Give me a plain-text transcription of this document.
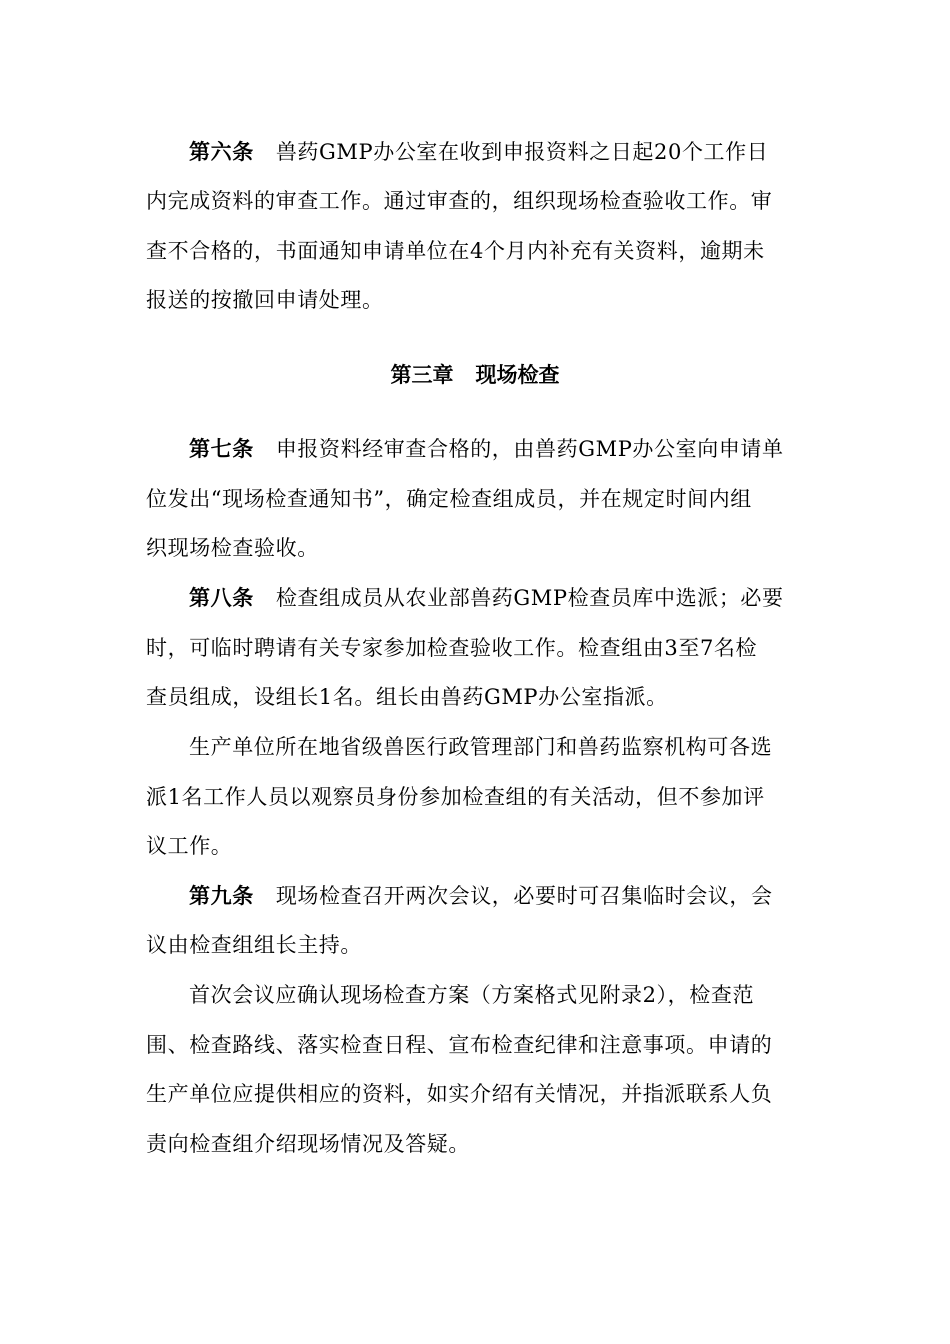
第六条 兽药GMP办公室在收到申报资料之日起20个工作日
内完成资料的审查工作。通过审查的，组织现场检查验收工作。审
查不合格的，书面通知申请单位在4个月内补充有关资料，逾期未
报送的按撤回申请处理。
第三章 现场检查
第七条 申报资料经审查合格的，由兽药GMP办公室向申请单
位发出“现场检查通知书”，确定检查组成员，并在规定时间内组
织现场检查验收。
第八条 检查组成员从农业部兽药GMP检查员库中选派；必要
时，可临时聘请有关专家参加检查验收工作。检查组由3至7名检
查员组成，设组长1名。组长由兽药GMP办公室指派。
生产单位所在地省级兽医行政管理部门和兽药监察机构可各选
派1名工作人员以观察员身份参加检查组的有关活动，但不参加评
议工作。
第九条 现场检查召开两次会议，必要时可召集临时会议，会
议由检查组组长主持。
首次会议应确认现场检查方案（方案格式见附录2），检查范
围、检查路线、落实检查日程、宣布检查纪律和注意事项。申请的
生产单位应提供相应的资料，如实介绍有关情况，并指派联系人负
责向检查组介绍现场情况及答疑。
